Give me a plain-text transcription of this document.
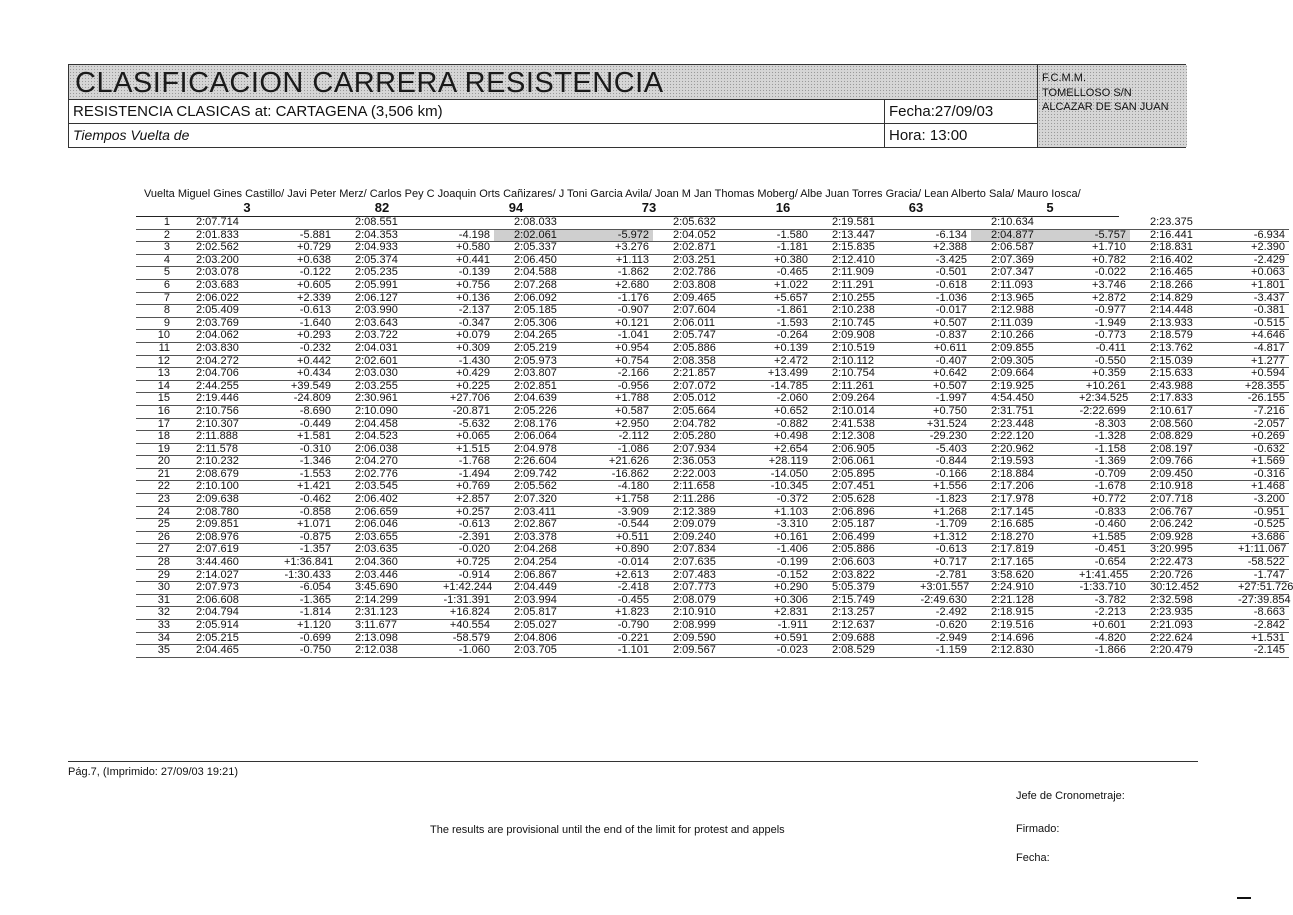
CLASIFICACION CARRERA RESISTENCIA	F.C.M.M.
TOMELLOSO S/N
ALCAZAR DE SAN JUAN
RESISTENCIA CLASICAS at: CARTAGENA (3,506 km)	Fecha:27/09/03
Tiempos Vuelta de	Hora: 13:00
Vuelta Miguel Gines Castillo/ Javi Peter Merz/ Carlos Pey C Joaquin Orts Cañizares/ J Toni Garcia Avila/ Joan M Jan Thomas Moberg/ Albe Juan Torres Gracia/ Lean Alberto Sala/ Mauro Iosca/
3	82	94	73	16	63	5
1	2:07.714		2:08.551		2:08.033		2:05.632		2:19.581		2:10.634		2:23.375	
2	2:01.833	-5.881	2:04.353	-4.198	2:02.061	-5.972	2:04.052	-1.580	2:13.447	-6.134	2:04.877	-5.757	2:16.441	-6.934
3	2:02.562	+0.729	2:04.933	+0.580	2:05.337	+3.276	2:02.871	-1.181	2:15.835	+2.388	2:06.587	+1.710	2:18.831	+2.390
4	2:03.200	+0.638	2:05.374	+0.441	2:06.450	+1.113	2:03.251	+0.380	2:12.410	-3.425	2:07.369	+0.782	2:16.402	-2.429
5	2:03.078	-0.122	2:05.235	-0.139	2:04.588	-1.862	2:02.786	-0.465	2:11.909	-0.501	2:07.347	-0.022	2:16.465	+0.063
6	2:03.683	+0.605	2:05.991	+0.756	2:07.268	+2.680	2:03.808	+1.022	2:11.291	-0.618	2:11.093	+3.746	2:18.266	+1.801
7	2:06.022	+2.339	2:06.127	+0.136	2:06.092	-1.176	2:09.465	+5.657	2:10.255	-1.036	2:13.965	+2.872	2:14.829	-3.437
8	2:05.409	-0.613	2:03.990	-2.137	2:05.185	-0.907	2:07.604	-1.861	2:10.238	-0.017	2:12.988	-0.977	2:14.448	-0.381
9	2:03.769	-1.640	2:03.643	-0.347	2:05.306	+0.121	2:06.011	-1.593	2:10.745	+0.507	2:11.039	-1.949	2:13.933	-0.515
10	2:04.062	+0.293	2:03.722	+0.079	2:04.265	-1.041	2:05.747	-0.264	2:09.908	-0.837	2:10.266	-0.773	2:18.579	+4.646
11	2:03.830	-0.232	2:04.031	+0.309	2:05.219	+0.954	2:05.886	+0.139	2:10.519	+0.611	2:09.855	-0.411	2:13.762	-4.817
12	2:04.272	+0.442	2:02.601	-1.430	2:05.973	+0.754	2:08.358	+2.472	2:10.112	-0.407	2:09.305	-0.550	2:15.039	+1.277
13	2:04.706	+0.434	2:03.030	+0.429	2:03.807	-2.166	2:21.857	+13.499	2:10.754	+0.642	2:09.664	+0.359	2:15.633	+0.594
14	2:44.255	+39.549	2:03.255	+0.225	2:02.851	-0.956	2:07.072	-14.785	2:11.261	+0.507	2:19.925	+10.261	2:43.988	+28.355
15	2:19.446	-24.809	2:30.961	+27.706	2:04.639	+1.788	2:05.012	-2.060	2:09.264	-1.997	4:54.450	+2:34.525	2:17.833	-26.155
16	2:10.756	-8.690	2:10.090	-20.871	2:05.226	+0.587	2:05.664	+0.652	2:10.014	+0.750	2:31.751	-2:22.699	2:10.617	-7.216
17	2:10.307	-0.449	2:04.458	-5.632	2:08.176	+2.950	2:04.782	-0.882	2:41.538	+31.524	2:23.448	-8.303	2:08.560	-2.057
18	2:11.888	+1.581	2:04.523	+0.065	2:06.064	-2.112	2:05.280	+0.498	2:12.308	-29.230	2:22.120	-1.328	2:08.829	+0.269
19	2:11.578	-0.310	2:06.038	+1.515	2:04.978	-1.086	2:07.934	+2.654	2:06.905	-5.403	2:20.962	-1.158	2:08.197	-0.632
20	2:10.232	-1.346	2:04.270	-1.768	2:26.604	+21.626	2:36.053	+28.119	2:06.061	-0.844	2:19.593	-1.369	2:09.766	+1.569
21	2:08.679	-1.553	2:02.776	-1.494	2:09.742	-16.862	2:22.003	-14.050	2:05.895	-0.166	2:18.884	-0.709	2:09.450	-0.316
22	2:10.100	+1.421	2:03.545	+0.769	2:05.562	-4.180	2:11.658	-10.345	2:07.451	+1.556	2:17.206	-1.678	2:10.918	+1.468
23	2:09.638	-0.462	2:06.402	+2.857	2:07.320	+1.758	2:11.286	-0.372	2:05.628	-1.823	2:17.978	+0.772	2:07.718	-3.200
24	2:08.780	-0.858	2:06.659	+0.257	2:03.411	-3.909	2:12.389	+1.103	2:06.896	+1.268	2:17.145	-0.833	2:06.767	-0.951
25	2:09.851	+1.071	2:06.046	-0.613	2:02.867	-0.544	2:09.079	-3.310	2:05.187	-1.709	2:16.685	-0.460	2:06.242	-0.525
26	2:08.976	-0.875	2:03.655	-2.391	2:03.378	+0.511	2:09.240	+0.161	2:06.499	+1.312	2:18.270	+1.585	2:09.928	+3.686
27	2:07.619	-1.357	2:03.635	-0.020	2:04.268	+0.890	2:07.834	-1.406	2:05.886	-0.613	2:17.819	-0.451	3:20.995	+1:11.067
28	3:44.460	+1:36.841	2:04.360	+0.725	2:04.254	-0.014	2:07.635	-0.199	2:06.603	+0.717	2:17.165	-0.654	2:22.473	-58.522
29	2:14.027	-1:30.433	2:03.446	-0.914	2:06.867	+2.613	2:07.483	-0.152	2:03.822	-2.781	3:58.620	+1:41.455	2:20.726	-1.747
30	2:07.973	-6.054	3:45.690	+1:42.244	2:04.449	-2.418	2:07.773	+0.290	5:05.379	+3:01.557	2:24.910	-1:33.710	30:12.452	+27:51.726
31	2:06.608	-1.365	2:14.299	-1:31.391	2:03.994	-0.455	2:08.079	+0.306	2:15.749	-2:49.630	2:21.128	-3.782	2:32.598	-27:39.854
32	2:04.794	-1.814	2:31.123	+16.824	2:05.817	+1.823	2:10.910	+2.831	2:13.257	-2.492	2:18.915	-2.213	2:23.935	-8.663
33	2:05.914	+1.120	3:11.677	+40.554	2:05.027	-0.790	2:08.999	-1.911	2:12.637	-0.620	2:19.516	+0.601	2:21.093	-2.842
34	2:05.215	-0.699	2:13.098	-58.579	2:04.806	-0.221	2:09.590	+0.591	2:09.688	-2.949	2:14.696	-4.820	2:22.624	+1.531
35	2:04.465	-0.750	2:12.038	-1.060	2:03.705	-1.101	2:09.567	-0.023	2:08.529	-1.159	2:12.830	-1.866	2:20.479	-2.145
Pág.7, (Imprimido: 27/09/03 19:21)
The results are provisional until the end of the limit for protest and appels
Jefe de Cronometraje:
Firmado:
Fecha:
